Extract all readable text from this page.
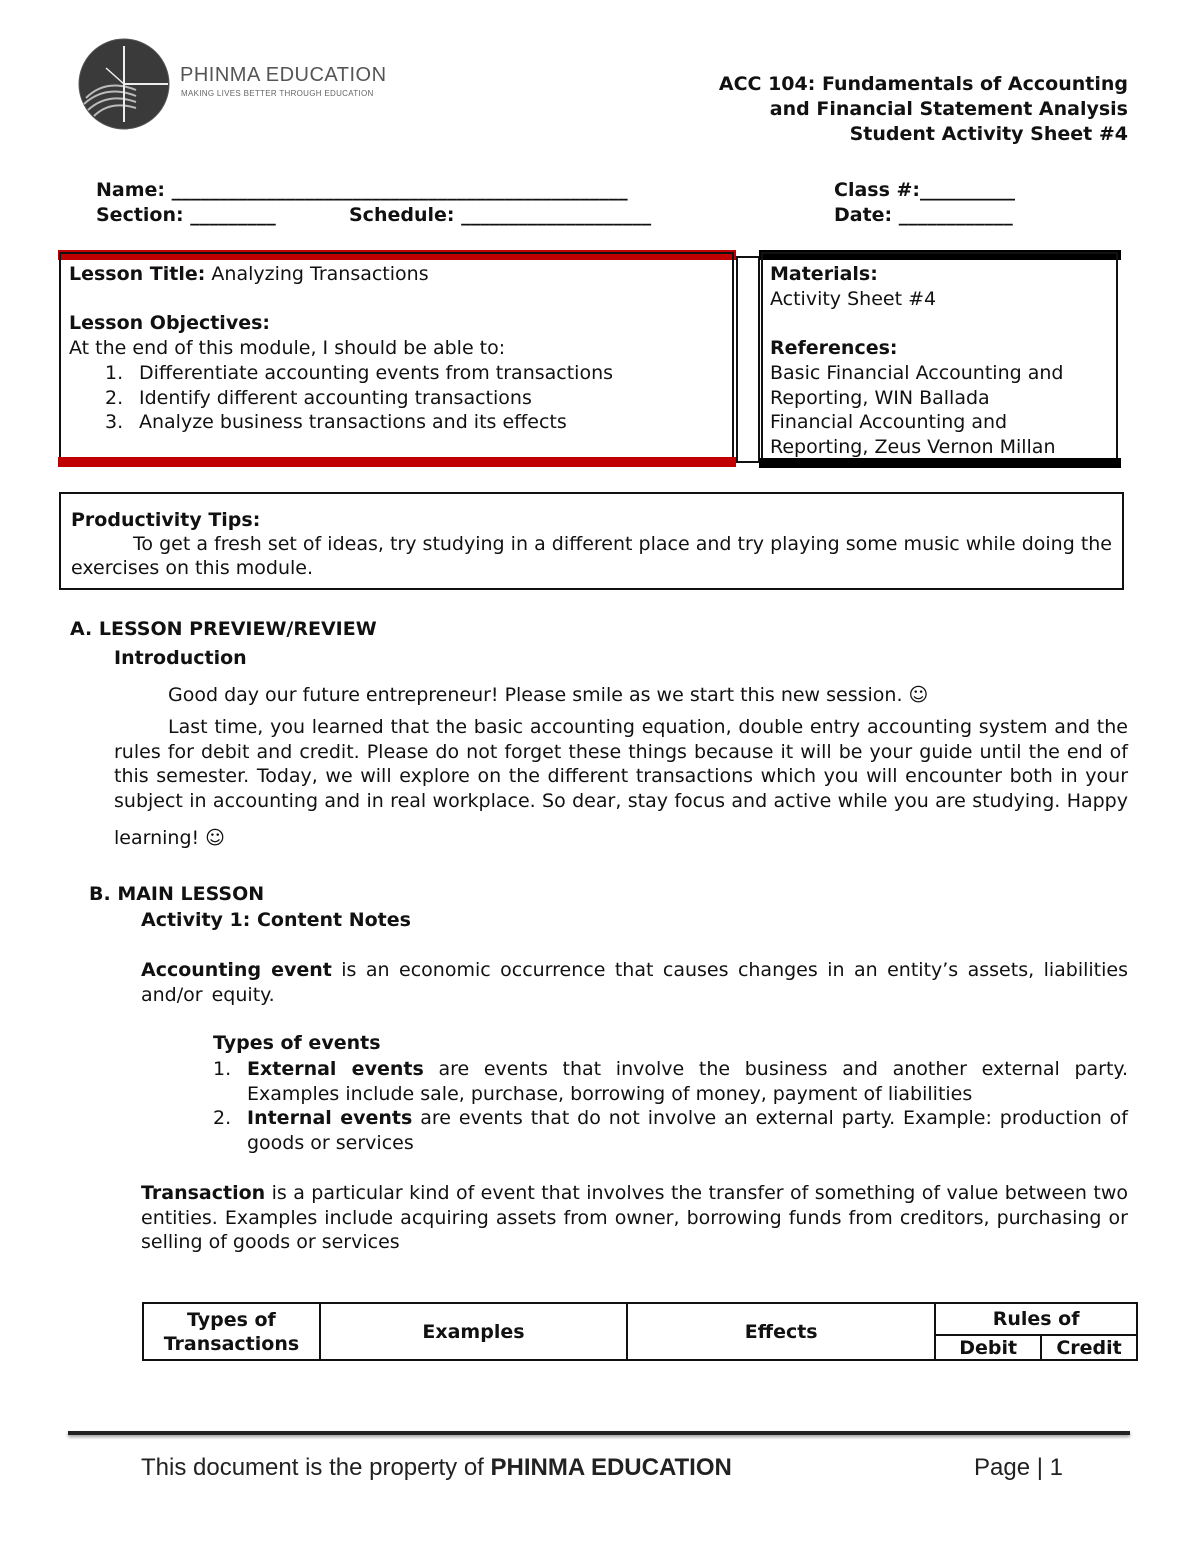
PHINMA EDUCATION
MAKING LIVES BETTER THROUGH EDUCATION	ACC 104: Fundamentals of Accounting
and Financial Statement Analysis
Student Activity Sheet #4
Name: ________________________________________________	Class #:__________
Section: _________	Schedule: ____________________	Date: ____________
Lesson Title: Analyzing Transactions

Lesson Objectives:
At the end of this module, I should be able to:
1. Differentiate accounting events from transactions
2. Identify different accounting transactions
3. Analyze business transactions and its effects
Materials:
Activity Sheet #4

References:
Basic Financial Accounting and
Reporting, WIN Ballada
Financial Accounting and
Reporting, Zeus Vernon Millan
Productivity Tips:
To get a fresh set of ideas, try studying in a different place and try playing some music while doing the exercises on this module.
A. LESSON PREVIEW/REVIEW
Introduction
Good day our future entrepreneur! Please smile as we start this new session. ☺
Last time, you learned that the basic accounting equation, double entry accounting system and the rules for debit and credit. Please do not forget these things because it will be your guide until the end of this semester. Today, we will explore on the different transactions which you will encounter both in your subject in accounting and in real workplace. So dear, stay focus and active while you are studying. Happy
learning! ☺
B. MAIN LESSON
Activity 1: Content Notes
Accounting event is an economic occurrence that causes changes in an entity’s assets, liabilities and/or equity.
Types of events
1. External events are events that involve the business and another external party. Examples include sale, purchase, borrowing of money, payment of liabilities
2. Internal events are events that do not involve an external party. Example: production of goods or services
Transaction is a particular kind of event that involves the transfer of something of value between two entities. Examples include acquiring assets from owner, borrowing funds from creditors, purchasing or selling of goods or services
Types of Transactions	Examples	Effects	Rules of	
			Debit	Credit
This document is the property of PHINMA EDUCATION	Page | 1
